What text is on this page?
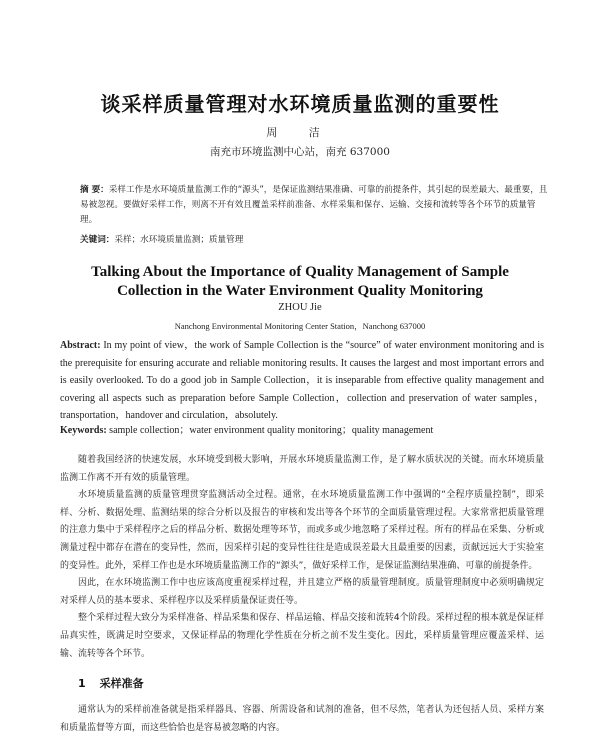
谈采样质量管理对水环境质量监测的重要性
周 洁
南充市环境监测中心站，南充 637000
摘 要：采样工作是水环境质量监测工作的“源头”，是保证监测结果准确、可靠的前提条件，其引起的误差最大、最重要，且易被忽视。要做好采样工作，则离不开有效且覆盖采样前准备、水样采集和保存、运输、交接和流转等各个环节的质量管理。
关键词：采样；水环境质量监测；质量管理
Talking About the Importance of Quality Management of Sample
Collection in the Water Environment Quality Monitoring
ZHOU Jie
Nanchong Environmental Monitoring Center Station，Nanchong 637000
Abstract: In my point of view，the work of Sample Collection is the “source” of water environment monitoring and is the prerequisite for ensuring accurate and reliable monitoring results. It causes the largest and most important errors and is easily overlooked. To do a good job in Sample Collection，it is inseparable from effective quality management and covering all aspects such as preparation before Sample Collection，collection and preservation of water samples，transportation，handover and circulation，absolutely.
Keywords: sample collection；water environment quality monitoring；quality management

随着我国经济的快速发展，水环境受到极大影响，开展水环境质量监测工作，是了解水质状况的关键。而水环境质量监测工作离不开有效的质量管理。

水环境质量监测的质量管理贯穿监测活动全过程。通常，在水环境质量监测工作中强调的“全程序质量控制”，即采样、分析、数据处理、监测结果的综合分析以及报告的审核和发出等各个环节的全面质量管理过程。大家常常把质量管理的注意力集中于采样程序之后的样品分析、数据处理等环节，而或多或少地忽略了采样过程。所有的样品在采集、分析或测量过程中都存在潜在的变异性，然而，因采样引起的变异性往往是造成误差最大且最重要的因素，贡献远远大于实验室的变异性。此外，采样工作也是水环境质量监测工作的“源头”，做好采样工作，是保证监测结果准确、可靠的前提条件。

因此，在水环境监测工作中也应该高度重视采样过程，并且建立严格的质量管理制度。质量管理制度中必须明确规定对采样人员的基本要求、采样程序以及采样质量保证责任等。

整个采样过程大致分为采样准备、样品采集和保存、样品运输、样品交接和流转4个阶段。采样过程的根本就是保证样品真实性，既满足时空要求，又保证样品的物理化学性质在分析之前不发生变化。因此，采样质量管理应覆盖采样、运输、流转等各个环节。

1 采样准备

通常认为的采样前准备就是指采样器具、容器、所需设备和试剂的准备，但不尽然，笔者认为还包括人员、采样方案和质量监督等方面，而这些恰恰也是容易被忽略的内容。
